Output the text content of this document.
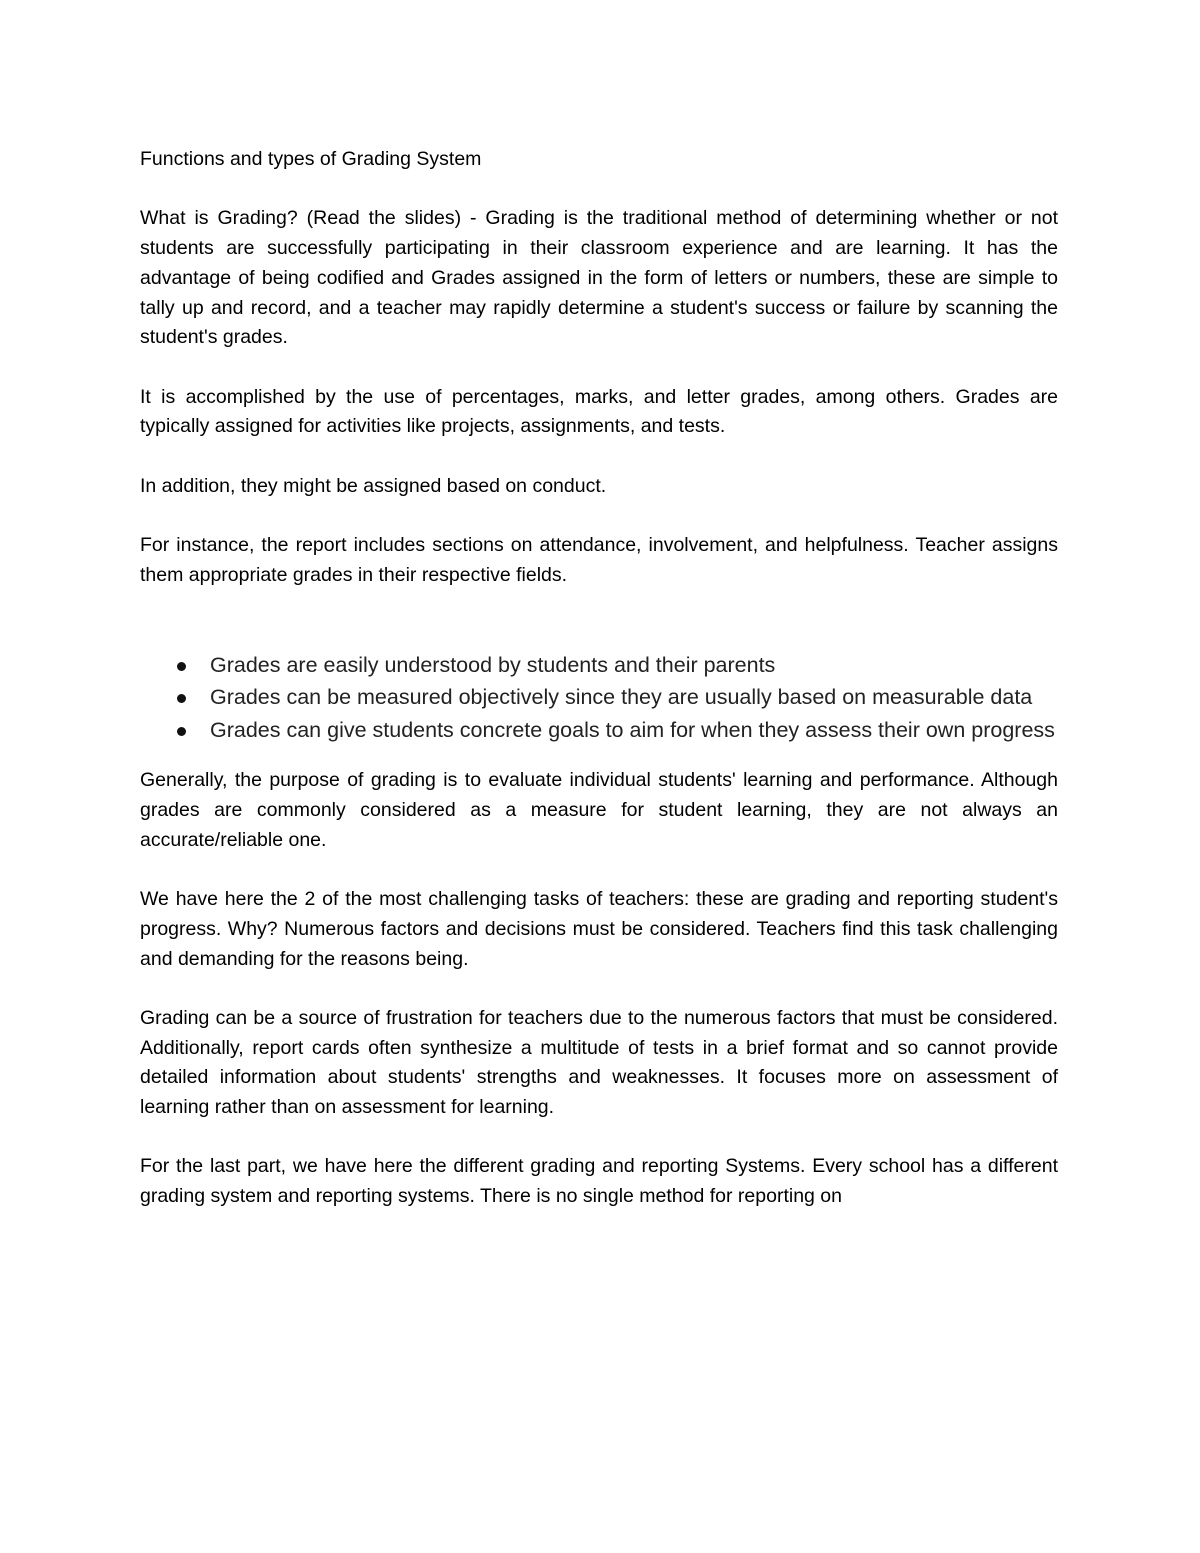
Functions and types of Grading System

What is Grading? (Read the slides) - Grading is the traditional method of determining whether or not students are successfully participating in their classroom experience and are learning. It has the advantage of being codified and Grades assigned in the form of letters or numbers, these are simple to tally up and record, and a teacher may rapidly determine a student's success or failure by scanning the student's grades.

It is accomplished by the use of percentages, marks, and letter grades, among others. Grades are typically assigned for activities like projects, assignments, and tests.

In addition, they might be assigned based on conduct.

For instance, the report includes sections on attendance, involvement, and helpfulness. Teacher assigns them appropriate grades in their respective fields.

Grades are easily understood by students and their parents
Grades can be measured objectively since they are usually based on measurable data
Grades can give students concrete goals to aim for when they assess their own progress

Generally, the purpose of grading is to evaluate individual students' learning and performance. Although grades are commonly considered as a measure for student learning, they are not always an accurate/reliable one.

We have here the 2 of the most challenging tasks of teachers: these are grading and reporting student's progress. Why? Numerous factors and decisions must be considered. Teachers find this task challenging and demanding for the reasons being.

Grading can be a source of frustration for teachers due to the numerous factors that must be considered. Additionally, report cards often synthesize a multitude of tests in a brief format and so cannot provide detailed information about students' strengths and weaknesses. It focuses more on assessment of learning rather than on assessment for learning.

For the last part, we have here the different grading and reporting Systems. Every school has a different grading system and reporting systems. There is no single method for reporting on
